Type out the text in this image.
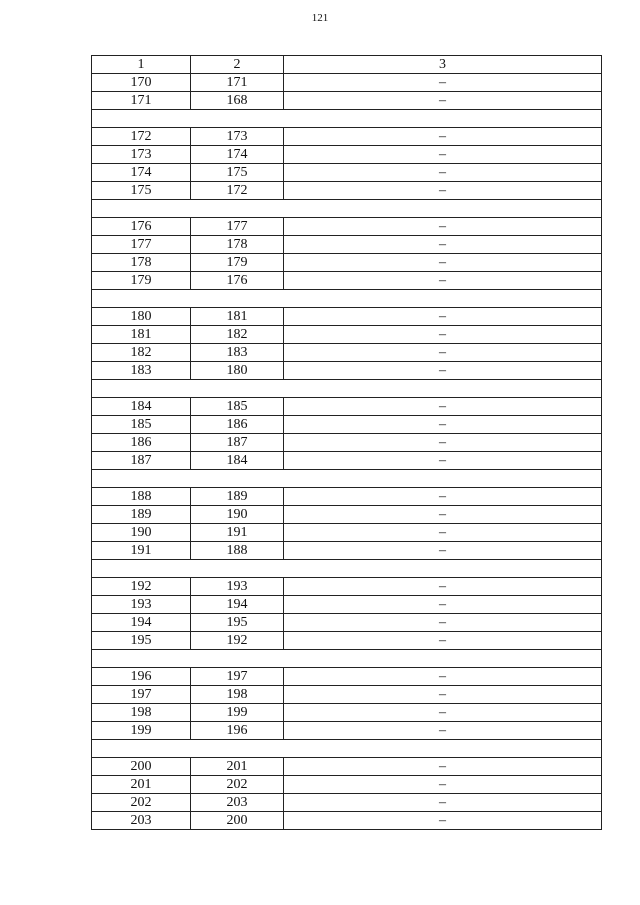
121
1	2	3
170	171	–
171	168	–

172	173	–
173	174	–
174	175	–
175	172	–

176	177	–
177	178	–
178	179	–
179	176	–

180	181	–
181	182	–
182	183	–
183	180	–

184	185	–
185	186	–
186	187	–
187	184	–

188	189	–
189	190	–
190	191	–
191	188	–

192	193	–
193	194	–
194	195	–
195	192	–

196	197	–
197	198	–
198	199	–
199	196	–

200	201	–
201	202	–
202	203	–
203	200	–
